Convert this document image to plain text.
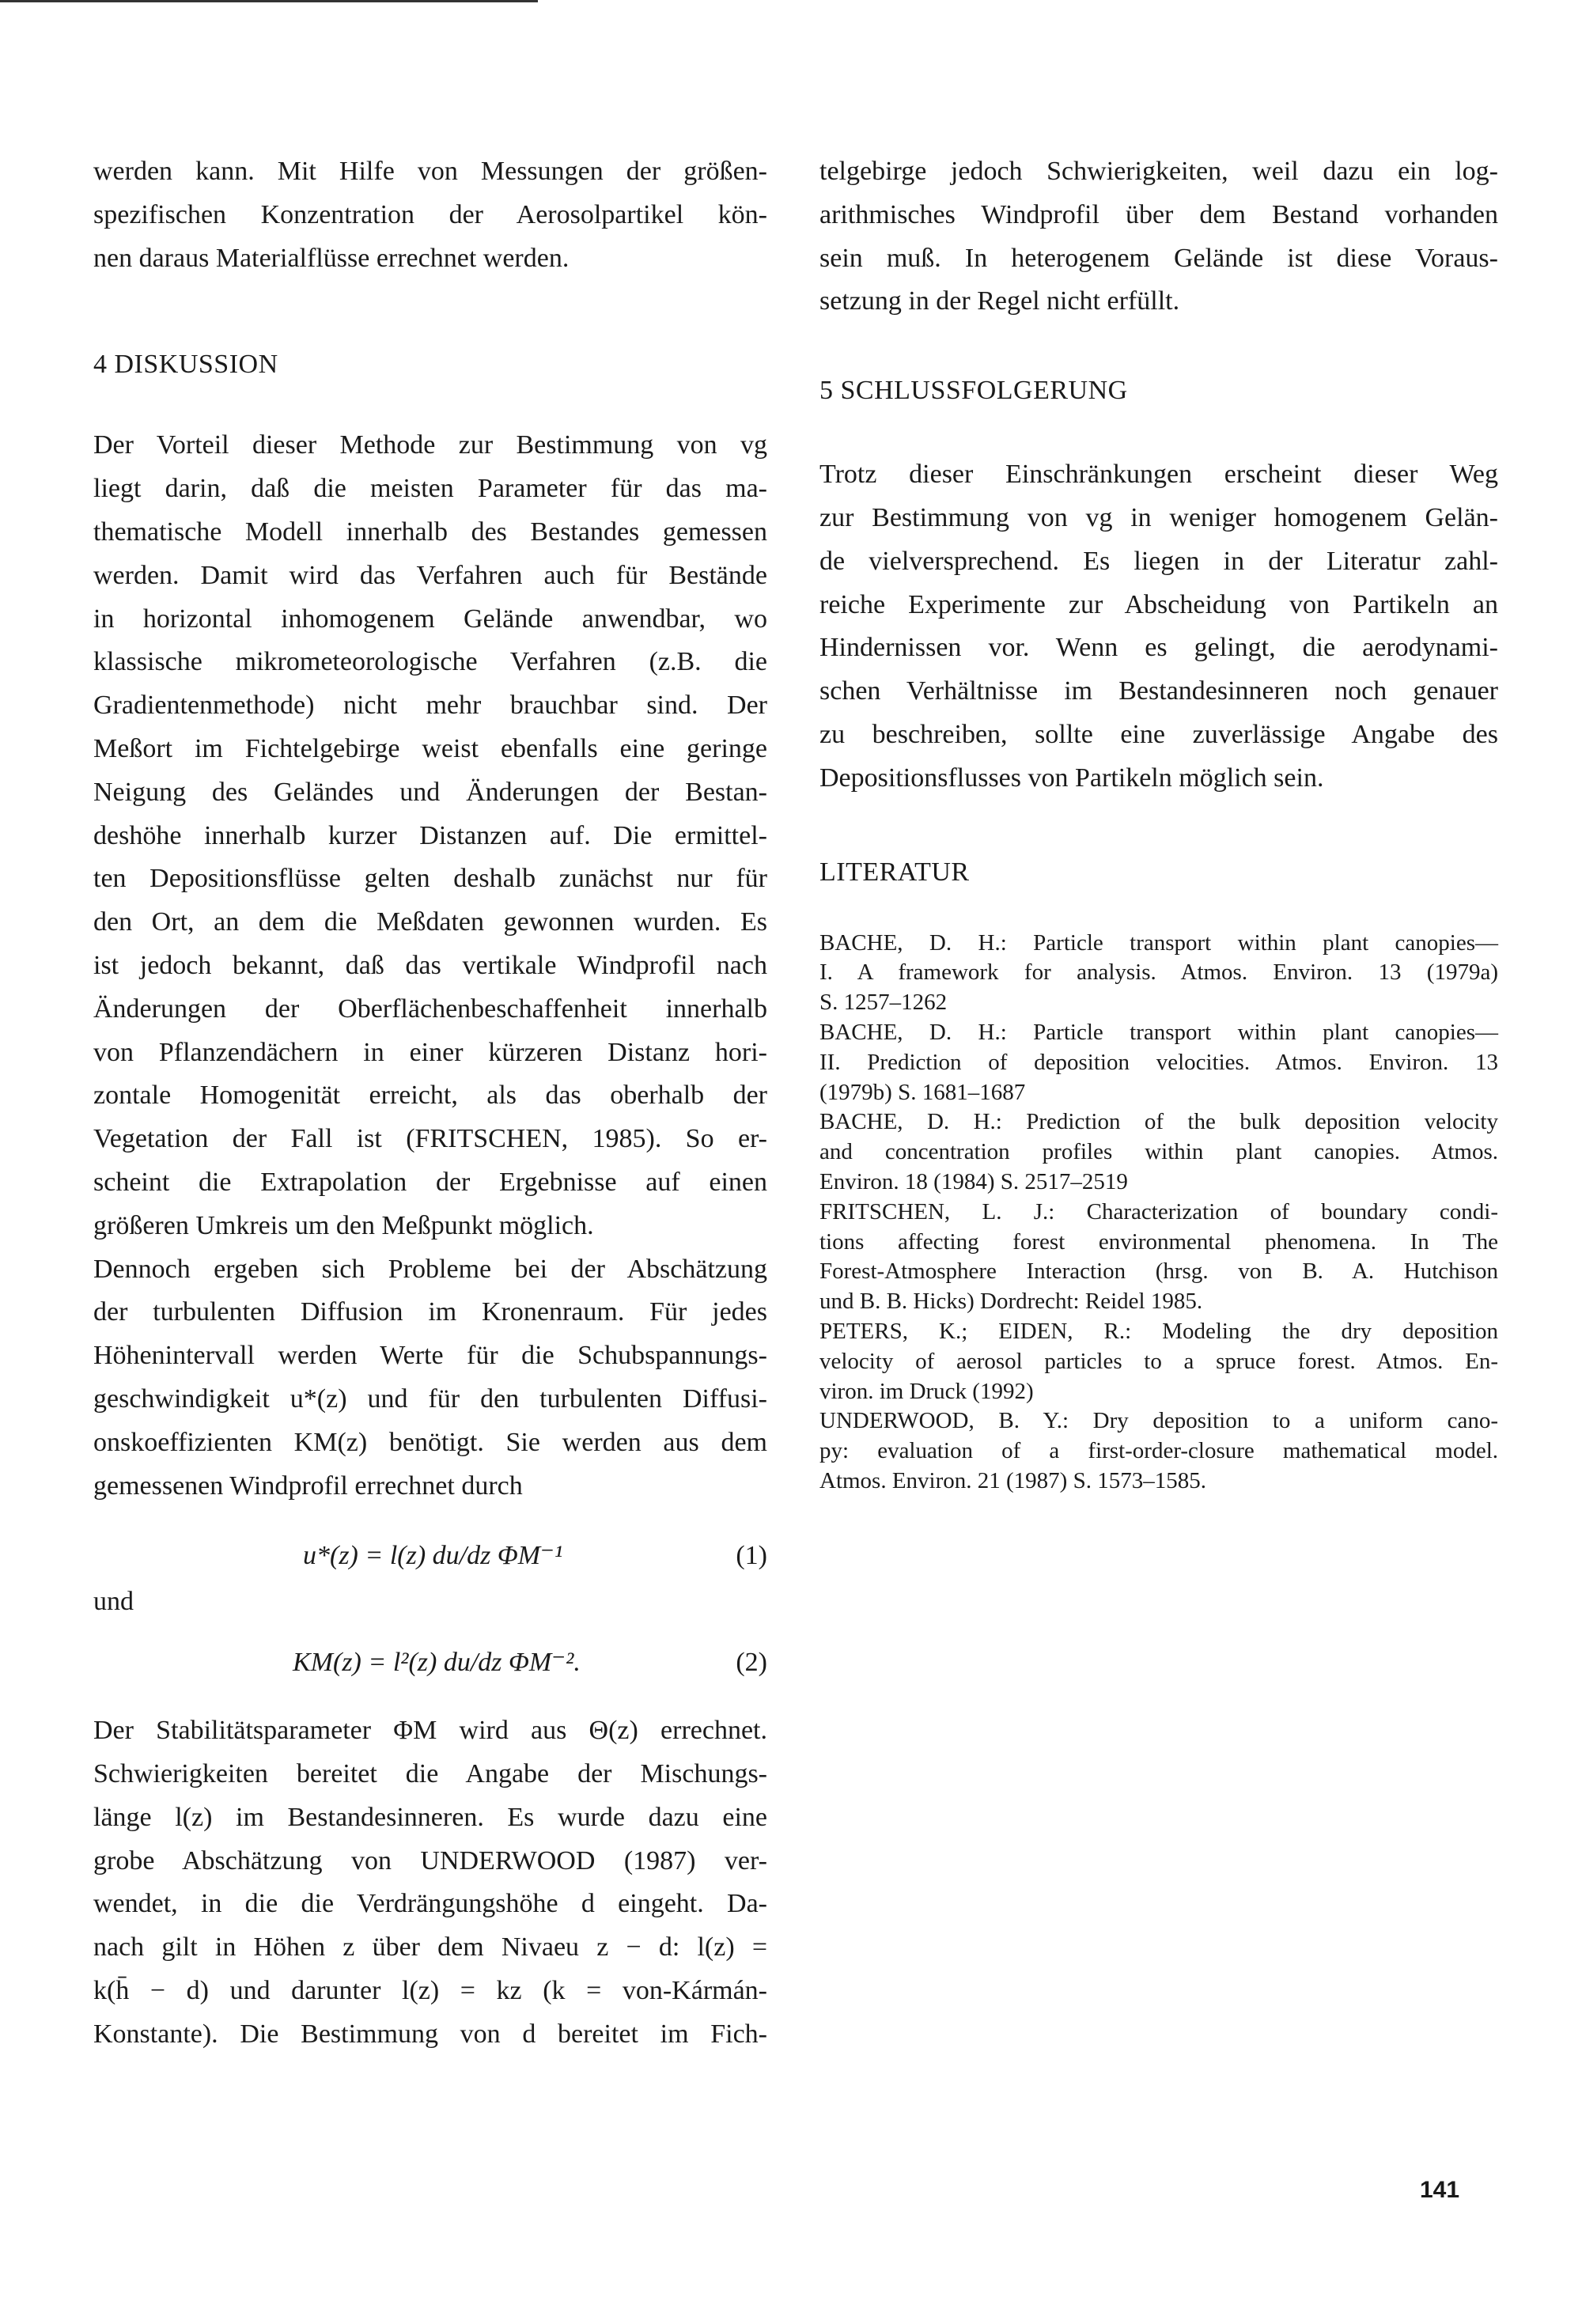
werden kann. Mit Hilfe von Messungen der größen-
spezifischen Konzentration der Aerosolpartikel kön-
nen daraus Materialflüsse errechnet werden.
4 DISKUSSION
Der Vorteil dieser Methode zur Bestimmung von vg
liegt darin, daß die meisten Parameter für das ma-
thematische Modell innerhalb des Bestandes gemessen
werden. Damit wird das Verfahren auch für Bestände
in horizontal inhomogenem Gelände anwendbar, wo
klassische mikrometeorologische Verfahren (z.B. die
Gradientenmethode) nicht mehr brauchbar sind. Der
Meßort im Fichtelgebirge weist ebenfalls eine geringe
Neigung des Geländes und Änderungen der Bestan-
deshöhe innerhalb kurzer Distanzen auf. Die ermittel-
ten Depositionsflüsse gelten deshalb zunächst nur für
den Ort, an dem die Meßdaten gewonnen wurden. Es
ist jedoch bekannt, daß das vertikale Windprofil nach
Änderungen der Oberflächenbeschaffenheit innerhalb
von Pflanzendächern in einer kürzeren Distanz hori-
zontale Homogenität erreicht, als das oberhalb der
Vegetation der Fall ist (FRITSCHEN, 1985). So er-
scheint die Extrapolation der Ergebnisse auf einen
größeren Umkreis um den Meßpunkt möglich.
Dennoch ergeben sich Probleme bei der Abschätzung
der turbulenten Diffusion im Kronenraum. Für jedes
Höhenintervall werden Werte für die Schubspannungs-
geschwindigkeit u*(z) und für den turbulenten Diffusi-
onskoeffizienten KM(z) benötigt. Sie werden aus dem
gemessenen Windprofil errechnet durch
u*(z) = l(z) du/dz ΦM⁻¹	(1)
und
KM(z) = l²(z) du/dz ΦM⁻².	(2)
Der Stabilitätsparameter ΦM wird aus Θ(z) errechnet.
Schwierigkeiten bereitet die Angabe der Mischungs-
länge l(z) im Bestandesinneren. Es wurde dazu eine
grobe Abschätzung von UNDERWOOD (1987) ver-
wendet, in die die Verdrängungshöhe d eingeht. Da-
nach gilt in Höhen z über dem Nivaeu z − d: l(z) =
k(h̄ − d) und darunter l(z) = kz (k = von-Kármán-
Konstante). Die Bestimmung von d bereitet im Fich-
telgebirge jedoch Schwierigkeiten, weil dazu ein log-
arithmisches Windprofil über dem Bestand vorhanden
sein muß. In heterogenem Gelände ist diese Voraus-
setzung in der Regel nicht erfüllt.
5 SCHLUSSFOLGERUNG
Trotz dieser Einschränkungen erscheint dieser Weg
zur Bestimmung von vg in weniger homogenem Gelän-
de vielversprechend. Es liegen in der Literatur zahl-
reiche Experimente zur Abscheidung von Partikeln an
Hindernissen vor. Wenn es gelingt, die aerodynami-
schen Verhältnisse im Bestandesinneren noch genauer
zu beschreiben, sollte eine zuverlässige Angabe des
Depositionsflusses von Partikeln möglich sein.
LITERATUR
BACHE, D. H.: Particle transport within plant canopies—
I. A framework for analysis. Atmos. Environ. 13 (1979a)
S. 1257–1262
BACHE, D. H.: Particle transport within plant canopies—
II. Prediction of deposition velocities. Atmos. Environ. 13
(1979b) S. 1681–1687
BACHE, D. H.: Prediction of the bulk deposition velocity
and concentration profiles within plant canopies. Atmos.
Environ. 18 (1984) S. 2517–2519
FRITSCHEN, L. J.: Characterization of boundary condi-
tions affecting forest environmental phenomena. In The
Forest-Atmosphere Interaction (hrsg. von B. A. Hutchison
und B. B. Hicks) Dordrecht: Reidel 1985.
PETERS, K.; EIDEN, R.: Modeling the dry deposition
velocity of aerosol particles to a spruce forest. Atmos. En-
viron. im Druck (1992)
UNDERWOOD, B. Y.: Dry deposition to a uniform cano-
py: evaluation of a first-order-closure mathematical model.
Atmos. Environ. 21 (1987) S. 1573–1585.
141
